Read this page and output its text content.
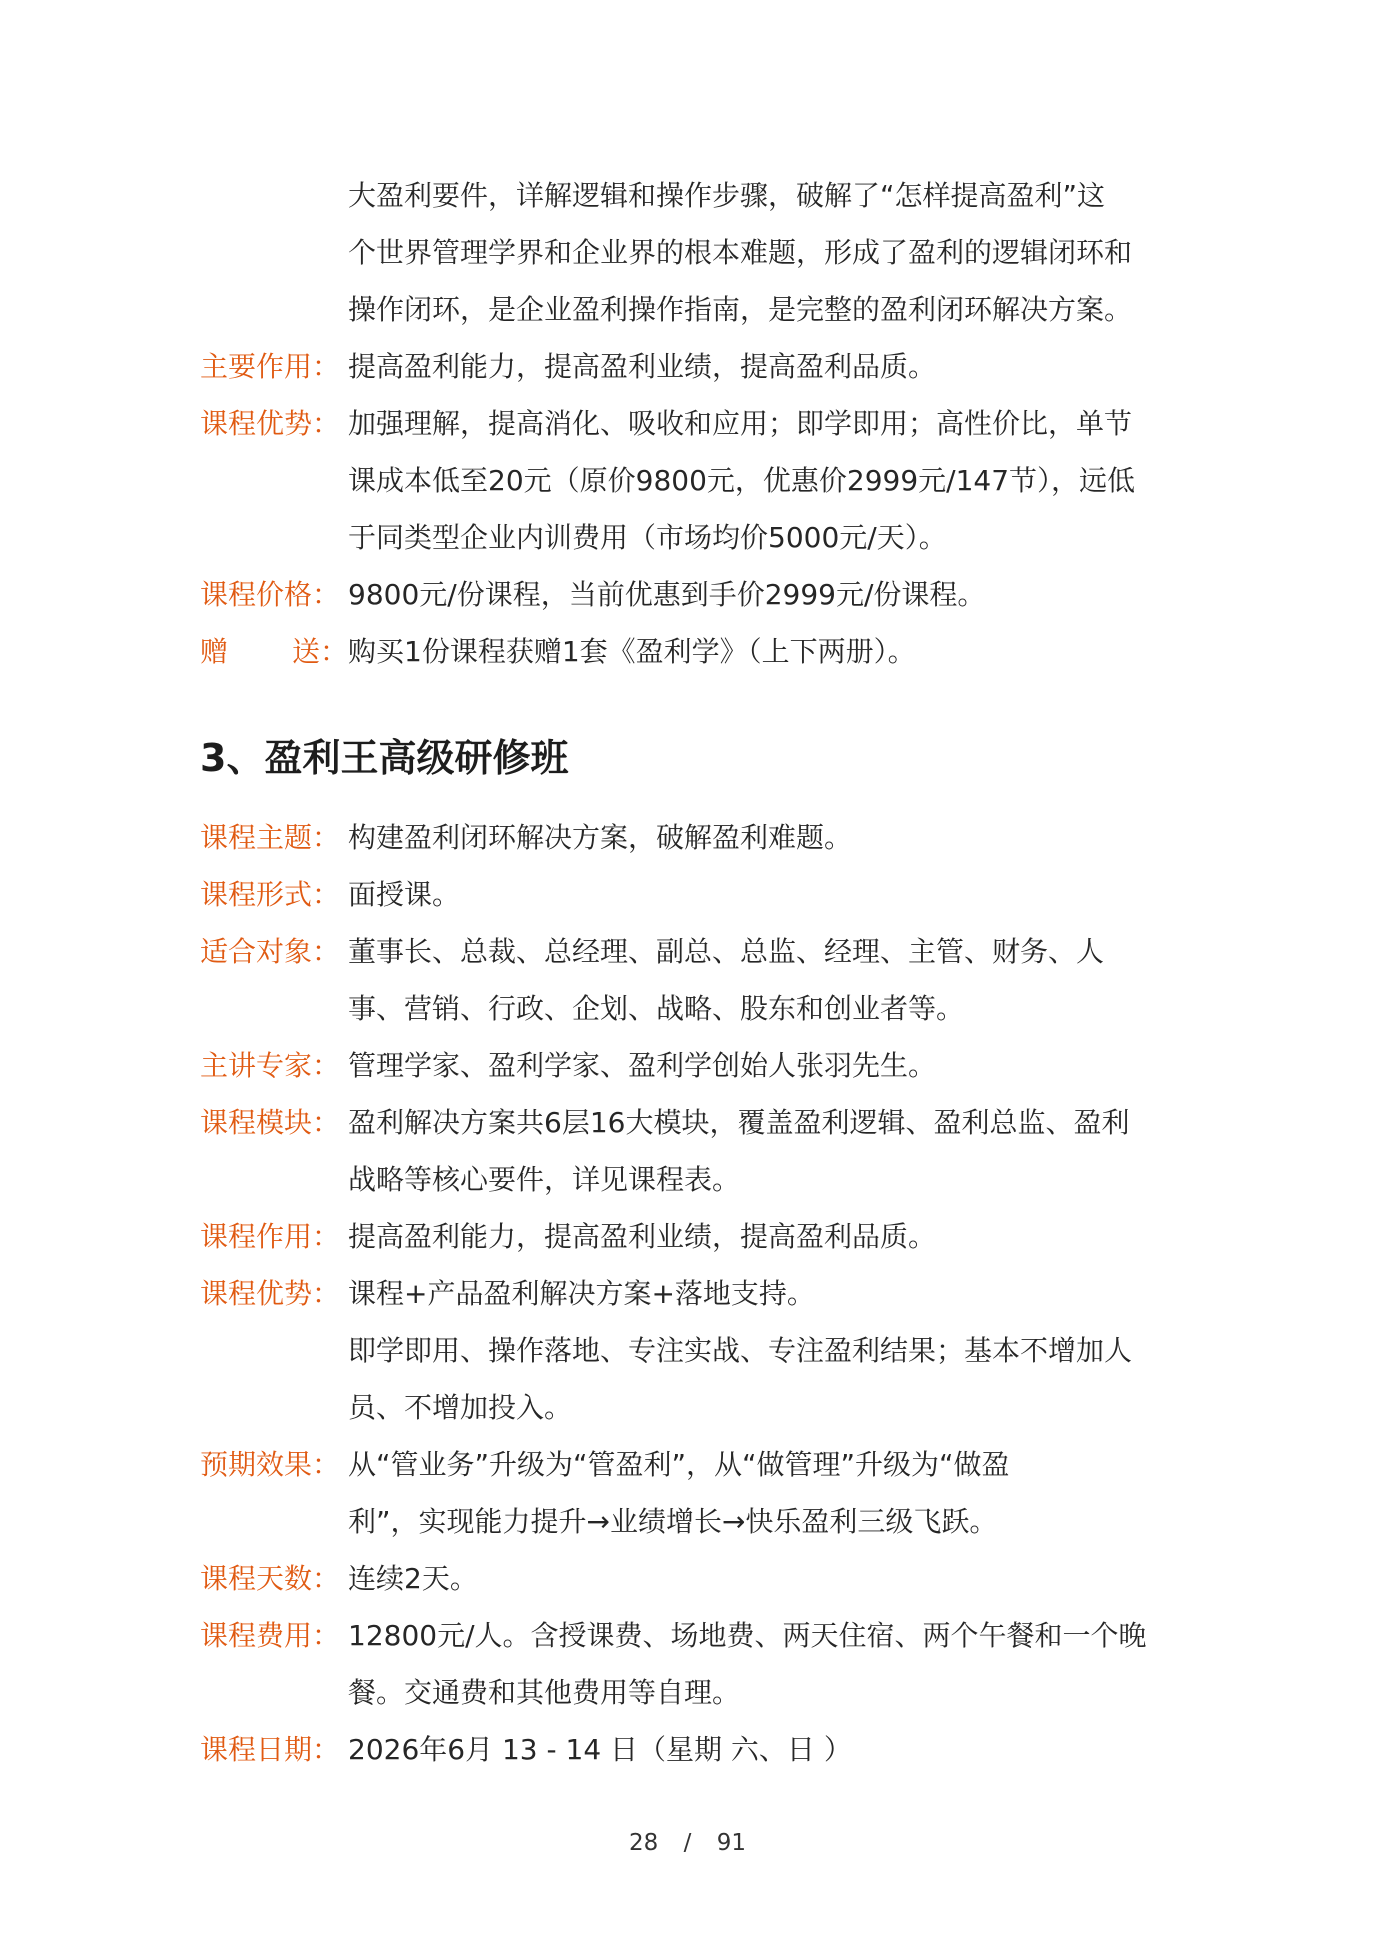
大盈利要件，详解逻辑和操作步骤，破解了“怎样提高盈利”这
个世界管理学界和企业界的根本难题，形成了盈利的逻辑闭环和
操作闭环，是企业盈利操作指南，是完整的盈利闭环解决方案。
主要作用： 提高盈利能力，提高盈利业绩，提高盈利品质。
课程优势： 加强理解，提高消化、吸收和应用；即学即用；高性价比，单节
课成本低至20元（原价9800元，优惠价2999元/147节），远低
于同类型企业内训费用（市场均价5000元/天）。
课程价格： 9800元/份课程，当前优惠到手价2999元/份课程。
赠 送： 购买1份课程获赠1套《盈利学》（上下两册）。
3、盈利王高级研修班
课程主题： 构建盈利闭环解决方案，破解盈利难题。
课程形式： 面授课。
适合对象： 董事长、总裁、总经理、副总、总监、经理、主管、财务、人
事、营销、行政、企划、战略、股东和创业者等。
主讲专家： 管理学家、盈利学家、盈利学创始人张羽先生。
课程模块： 盈利解决方案共6层16大模块，覆盖盈利逻辑、盈利总监、盈利
战略等核心要件，详见课程表。
课程作用： 提高盈利能力，提高盈利业绩，提高盈利品质。
课程优势： 课程+产品盈利解决方案+落地支持。
即学即用、操作落地、专注实战、专注盈利结果；基本不增加人
员、不增加投入。
预期效果： 从“管业务”升级为“管盈利”，从“做管理”升级为“做盈
利”，实现能力提升→业绩增长→快乐盈利三级飞跃。
课程天数： 连续2天。
课程费用： 12800元/人。含授课费、场地费、两天住宿、两个午餐和一个晚
餐。交通费和其他费用等自理。
课程日期： 2026年6月 13 - 14 日（星期 六、日 ）
28 / 91
